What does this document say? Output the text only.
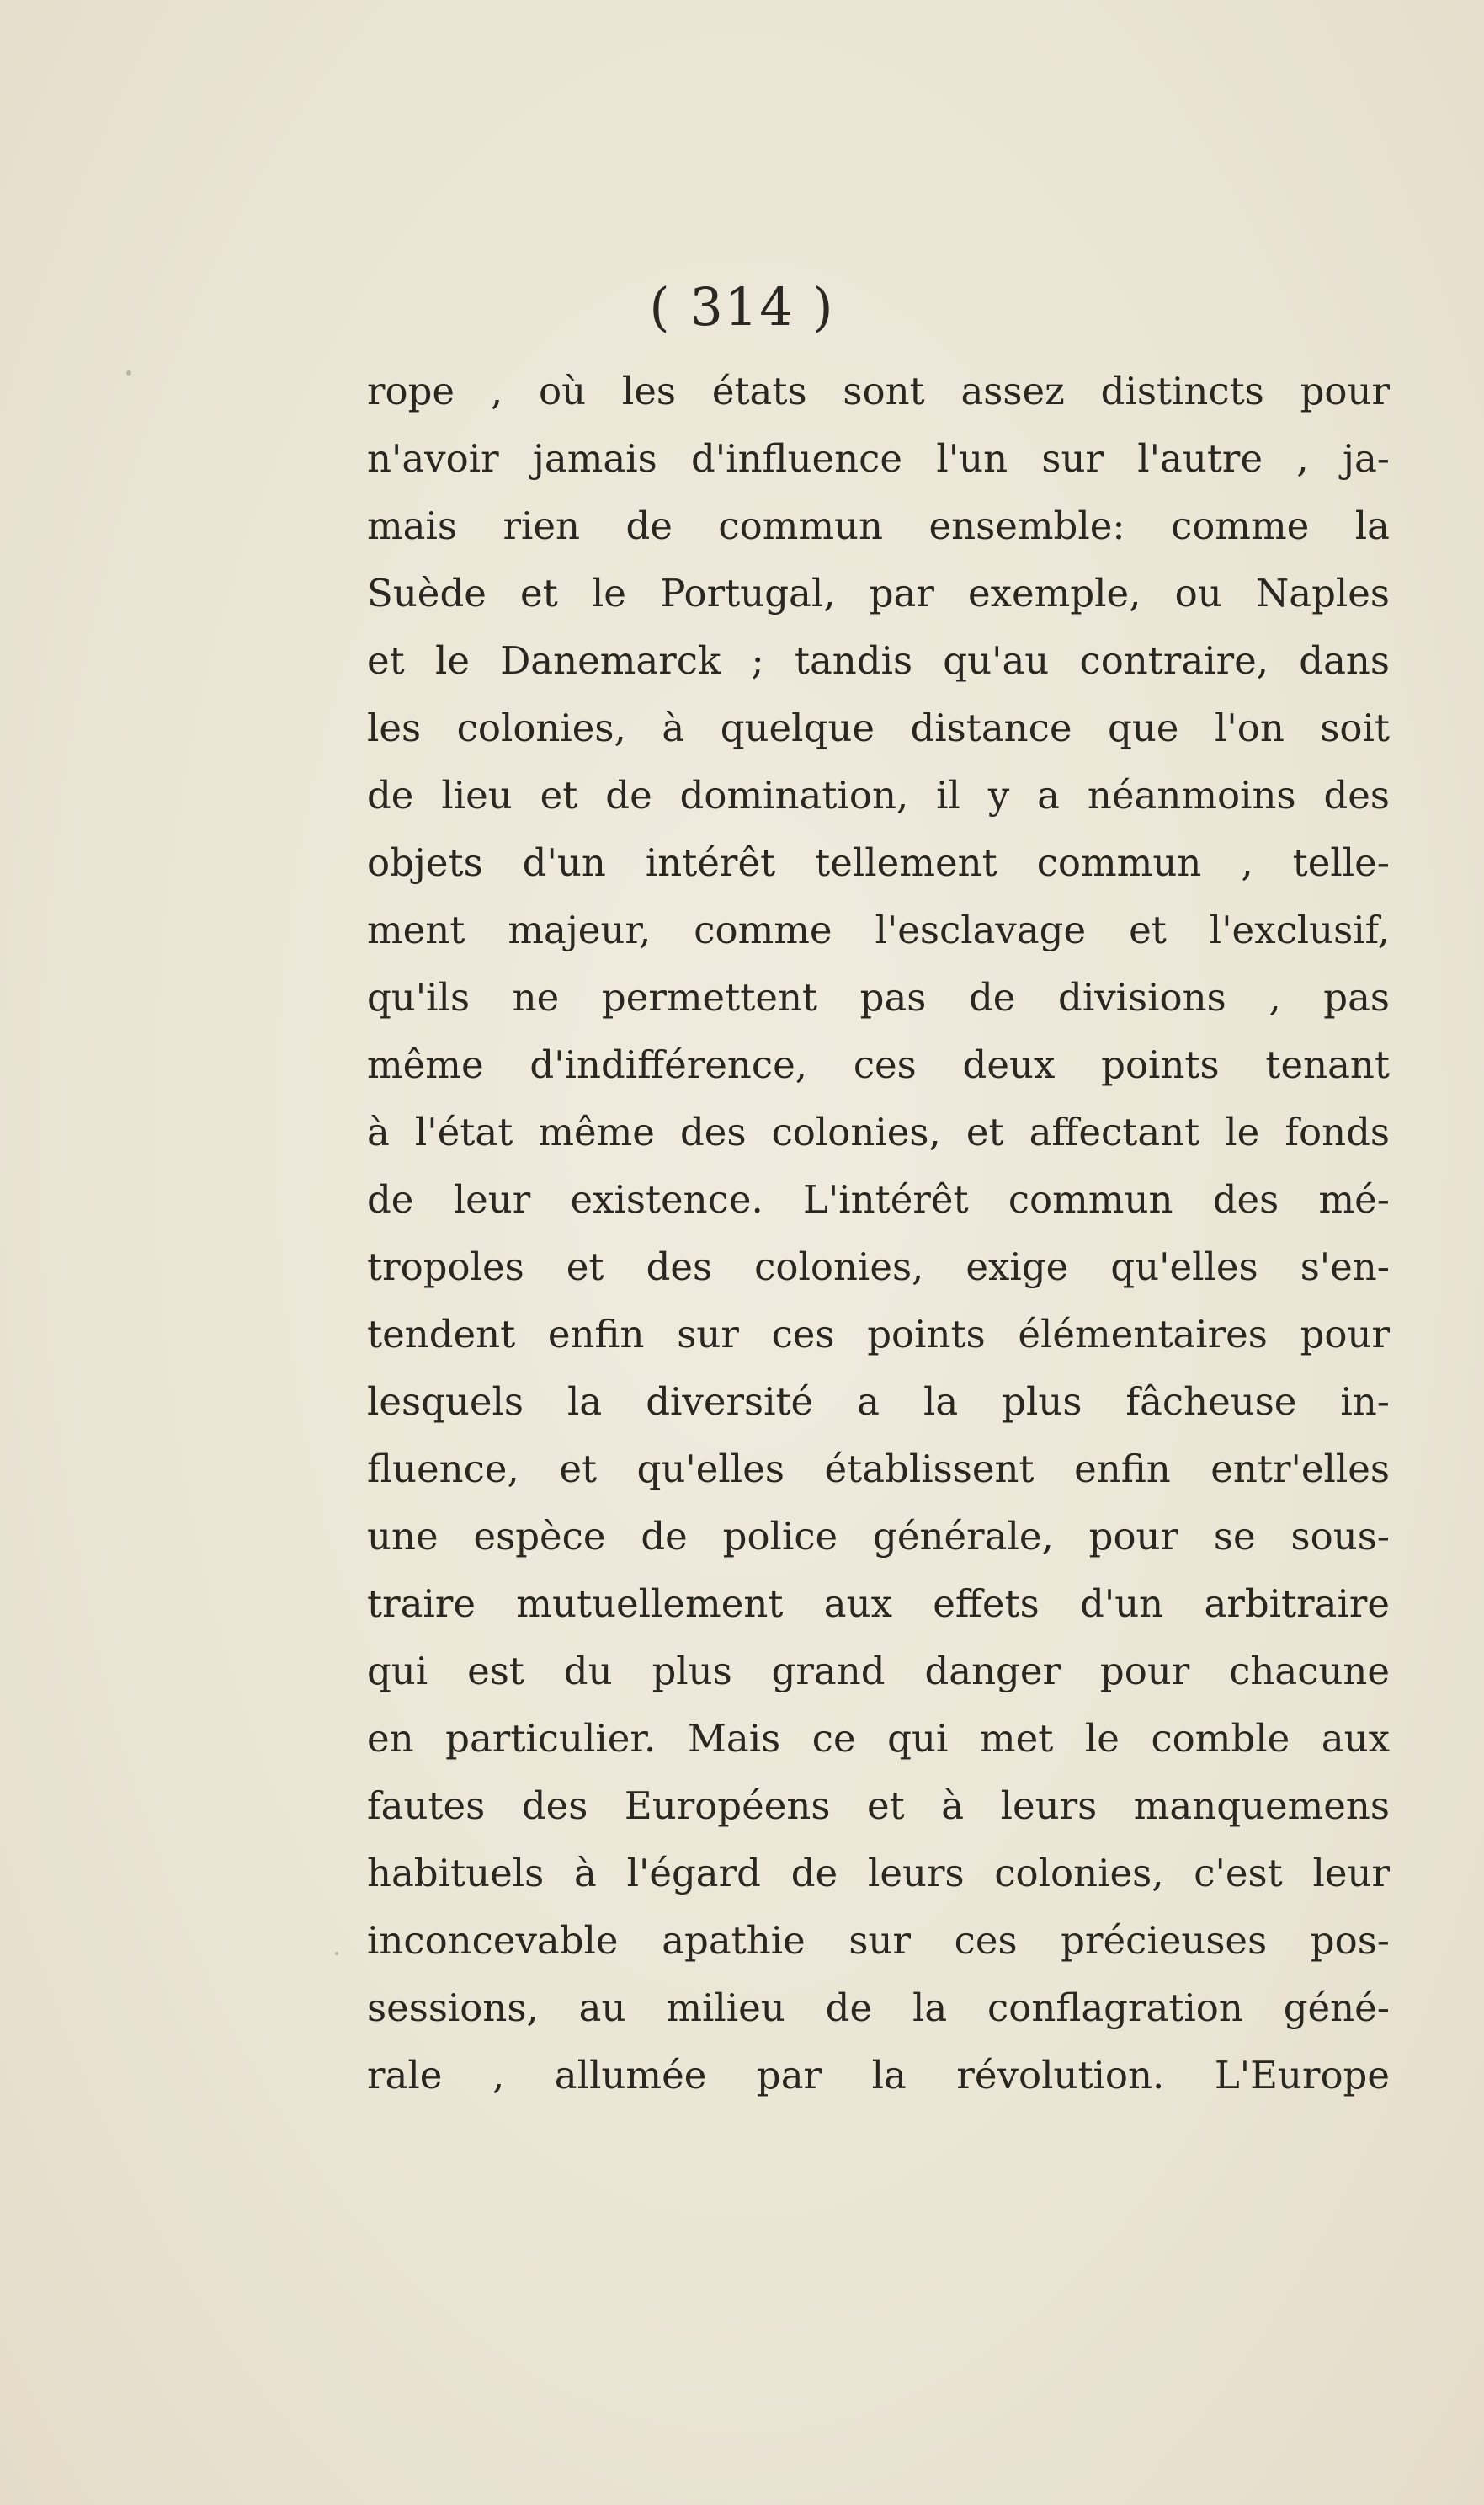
( 314 )
rope , où les états sont assez distincts pour
n'avoir jamais d'influence l'un sur l'autre , ja-
mais rien de commun ensemble: comme la
Suède et le Portugal, par exemple, ou Naples
et le Danemarck ; tandis qu'au contraire, dans
les colonies, à quelque distance que l'on soit
de lieu et de domination, il y a néanmoins des
objets d'un intérêt tellement commun , telle-
ment majeur, comme l'esclavage et l'exclusif,
qu'ils ne permettent pas de divisions , pas
même d'indifférence, ces deux points tenant
à l'état même des colonies, et affectant le fonds
de leur existence. L'intérêt commun des mé-
tropoles et des colonies, exige qu'elles s'en-
tendent enfin sur ces points élémentaires pour
lesquels la diversité a la plus fâcheuse in-
fluence, et qu'elles établissent enfin entr'elles
une espèce de police générale, pour se sous-
traire mutuellement aux effets d'un arbitraire
qui est du plus grand danger pour chacune
en particulier. Mais ce qui met le comble aux
fautes des Européens et à leurs manquemens
habituels à l'égard de leurs colonies, c'est leur
inconcevable apathie sur ces précieuses pos-
sessions, au milieu de la conflagration géné-
rale , allumée par la révolution. L'Europe
